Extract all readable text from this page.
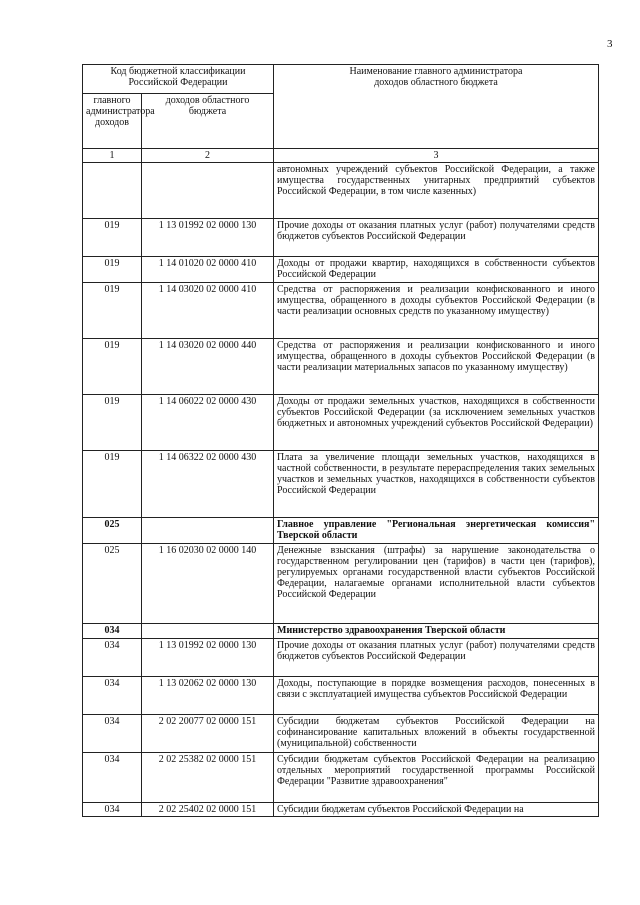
3
Код бюджетной классификации Российской Федерации		Наименование главного администратора доходов областного бюджета

главного администратора доходов	доходов областного бюджета	

1	2	3
		автономных учреждений субъектов Российской Федерации, а также имущества государственных унитарных предприятий субъектов Российской Федерации, в том числе казенных)
019	1 13 01992 02 0000 130	Прочие доходы от оказания платных услуг (работ) получателями средств бюджетов субъектов Российской Федерации
019	1 14 01020 02 0000 410	Доходы от продажи квартир, находящихся в собственности субъектов Российской Федерации
019	1 14 03020 02 0000 410	Средства от распоряжения и реализации конфискованного и иного имущества, обращенного в доходы субъектов Российской Федерации (в части реализации основных средств по указанному имуществу)
019	1 14 03020 02 0000 440	Средства от распоряжения и реализации конфискованного и иного имущества, обращенного в доходы субъектов Российской Федерации (в части реализации материальных запасов по указанному имуществу)
019	1 14 06022 02 0000 430	Доходы от продажи земельных участков, находящихся в собственности субъектов Российской Федерации (за исключением земельных участков бюджетных и автономных учреждений субъектов Российской Федерации)
019	1 14 06322 02 0000 430	Плата за увеличение площади земельных участков, находящихся в частной собственности, в результате перераспределения таких земельных участков и земельных участков, находящихся в собственности субъектов Российской Федерации
025		Главное управление "Региональная энергетическая комиссия" Тверской области
025	1 16 02030 02 0000 140	Денежные взыскания (штрафы) за нарушение законодательства о государственном регулировании цен (тарифов) в части цен (тарифов), регулируемых органами государственной власти субъектов Российской Федерации, налагаемые органами исполнительной власти субъектов Российской Федерации
034		Министерство здравоохранения Тверской области
034	1 13 01992 02 0000 130	Прочие доходы от оказания платных услуг (работ) получателями средств бюджетов субъектов Российской Федерации
034	1 13 02062 02 0000 130	Доходы, поступающие в порядке возмещения расходов, понесенных в связи с эксплуатацией имущества субъектов Российской Федерации
034	2 02 20077 02 0000 151	Субсидии бюджетам субъектов Российской Федерации на софинансирование капитальных вложений в объекты государственной (муниципальной) собственности
034	2 02 25382 02 0000 151	Субсидии бюджетам субъектов Российской Федерации на реализацию отдельных мероприятий государственной программы Российской Федерации "Развитие здравоохранения"
034	2 02 25402 02 0000 151	Субсидии бюджетам субъектов Российской Федерации на
